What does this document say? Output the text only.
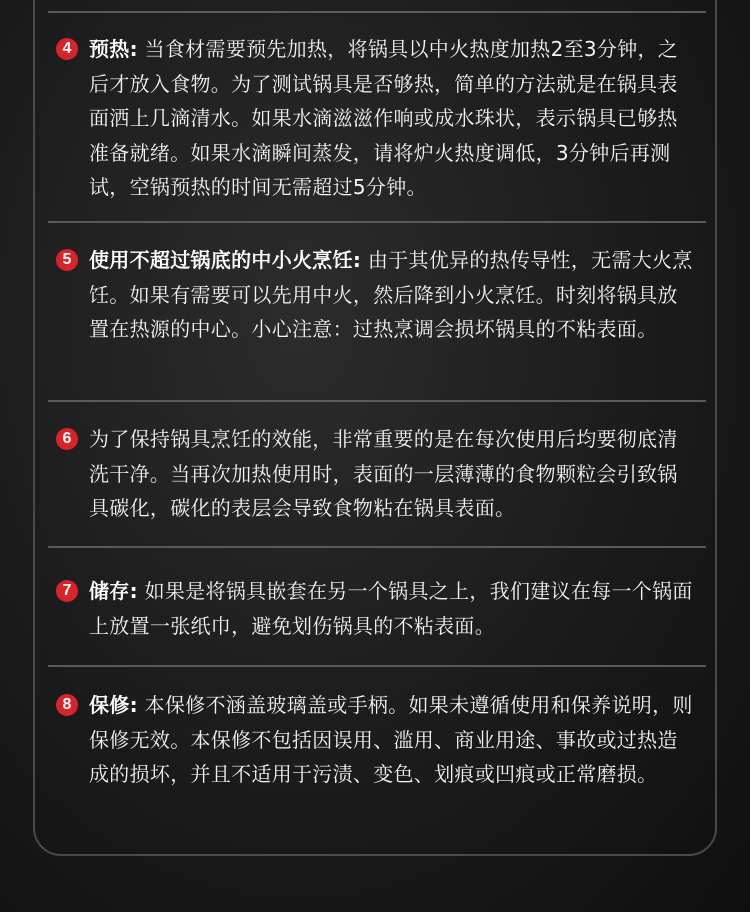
4 预热: 当食材需要预先加热，将锅具以中火热度加热2至3分钟，之后才放入食物。为了测试锅具是否够热，简单的方法就是在锅具表面洒上几滴清水。如果水滴滋滋作响或成水珠状，表示锅具已够热准备就绪。如果水滴瞬间蒸发，请将炉火热度调低，3分钟后再测试，空锅预热的时间无需超过5分钟。
5 使用不超过锅底的中小火烹饪: 由于其优异的热传导性，无需大火烹饪。如果有需要可以先用中火，然后降到小火烹饪。时刻将锅具放置在热源的中心。小心注意：过热烹调会损坏锅具的不粘表面。
6 为了保持锅具烹饪的效能，非常重要的是在每次使用后均要彻底清洗干净。当再次加热使用时，表面的一层薄薄的食物颗粒会引致锅具碳化，碳化的表层会导致食物粘在锅具表面。
7 储存: 如果是将锅具嵌套在另一个锅具之上，我们建议在每一个锅面上放置一张纸巾，避免划伤锅具的不粘表面。
8 保修: 本保修不涵盖玻璃盖或手柄。如果未遵循使用和保养说明，则保修无效。本保修不包括因误用、滥用、商业用途、事故或过热造成的损坏，并且不适用于污渍、变色、划痕或凹痕或正常磨损。
